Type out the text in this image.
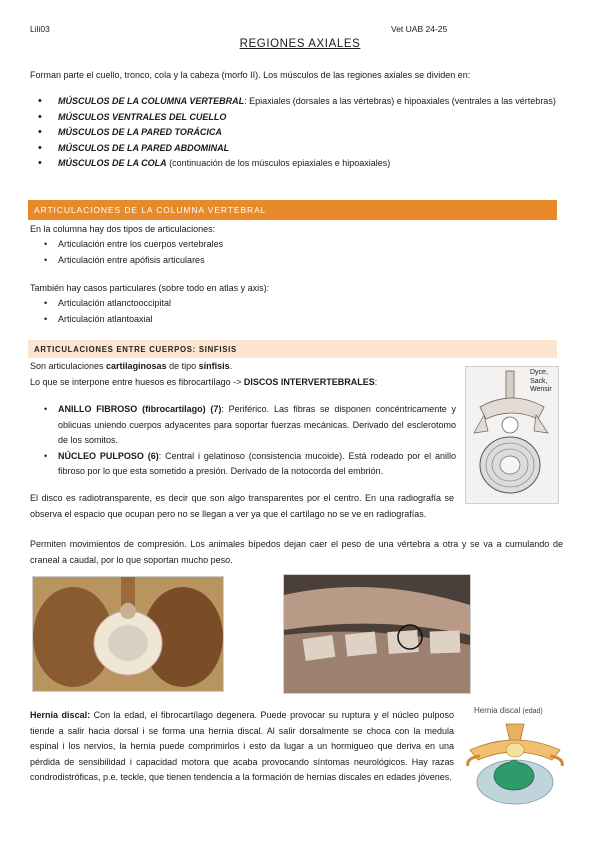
Lili03	Vet UAB 24-25
REGIONES AXIALES

Forman parte el cuello, tronco, cola y la cabeza (morfo II). Los músculos de las regiones axiales se dividen en:

• MÚSCULOS DE LA COLUMNA VERTEBRAL: Epiaxiales (dorsales a las vértebras) e hipoaxiales (ventrales a las vértebras)
• MÚSCULOS VENTRALES DEL CUELLO
• MÚSCULOS DE LA PARED TORÁCICA
• MÚSCULOS DE LA PARED ABDOMINAL
• MÚSCULOS DE LA COLA (continuación de los músculos epiaxiales e hipoaxiales)
ARTICULACIONES DE LA COLUMNA VERTEBRAL

En la columna hay dos tipos de articulaciones:

• Articulación entre los cuerpos vertebrales
• Articulación entre apófisis articulares

También hay casos particulares (sobre todo en atlas y axis):

• Articulación atlanctooccipital
• Articulación atlantoaxial
ARTICULACIONES ENTRE CUERPOS: SINFISIS

Son articulaciones cartilaginosas de tipo sínfisis.

Lo que se interpone entre huesos es fibrocartílago -> DISCOS INTERVERTEBRALES:

• ANILLO FIBROSO (fibrocartílago) (7): Periférico. Las fibras se disponen concéntricamente y oblicuas uniendo cuerpos adyacentes para soportar fuerzas mecánicas. Derivado del esclerotomo de los somitos.
• NÚCLEO PULPOSO (6): Central i gelatinoso (consistencia mucoide). Está rodeado por el anillo fibroso por lo que esta sometido a presión. Derivado de la notocorda del embrión.
Dyce,
Sack,
Wensir

El disco es radiotransparente, es decir que son algo transparentes por el centro. En una radiografía se observa el espacio que ocupan pero no se llegan a ver ya que el cartílago no se ve en radiografías.

Permiten movimientos de compresión. Los animales bípedos dejan caer el peso de una vértebra a otra y se va a cumulando de craneal a caudal, por lo que soportan mucho peso.

Hernia discal: Con la edad, el fibrocartílago degenera. Puede provocar su ruptura y el núcleo pulposo tiende a salir hacia dorsal i se forma una hernia discal. Al salir dorsalmente se choca con la medula espinal i los nervios, la hernia puede comprimirlos i esto da lugar a un hormigueo que deriva en una pérdida de sensibilidad i capacidad motora que acaba provocando síntomas neurológicos. Hay razas condrodistróficas, p.e. teckle, que tienen tendencia a la formación de hernias discales en edades jóvenes.

Hernia discal (edad)
